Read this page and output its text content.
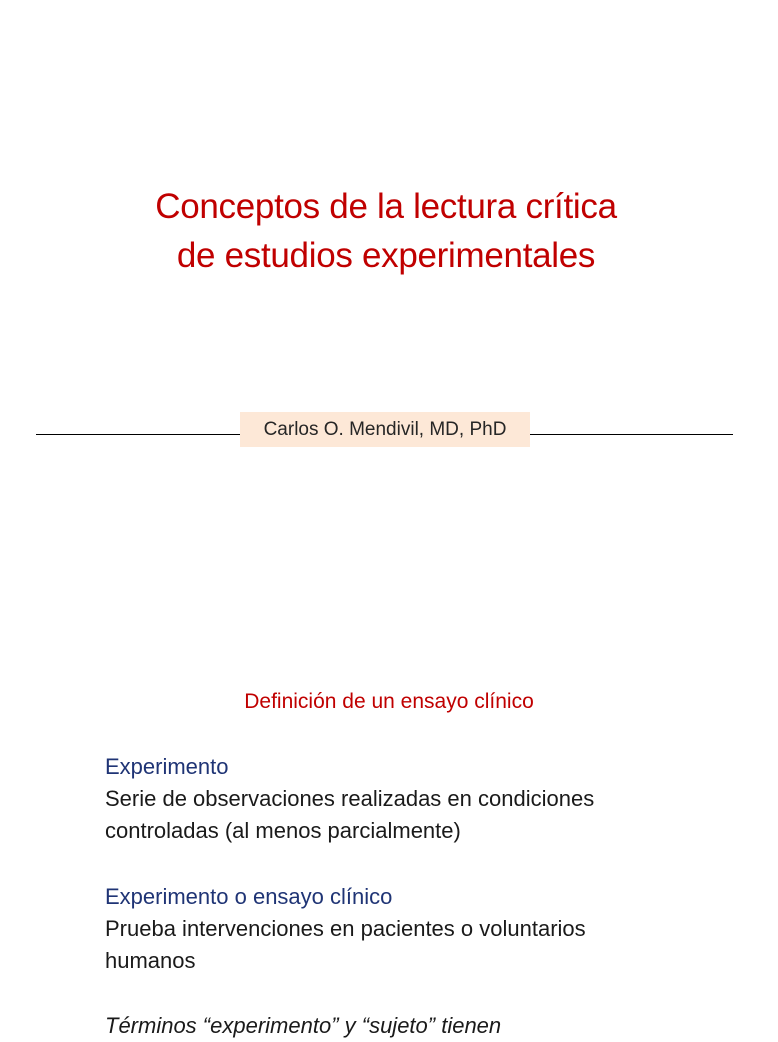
Conceptos de la lectura crítica
de estudios experimentales
Carlos O. Mendivil, MD, PhD
Definición de un ensayo clínico
Experimento
Serie de observaciones realizadas en condiciones
controladas (al menos parcialmente)
Experimento o ensayo clínico
Prueba intervenciones en pacientes o voluntarios
humanos
Términos “experimento” y “sujeto” tienen
